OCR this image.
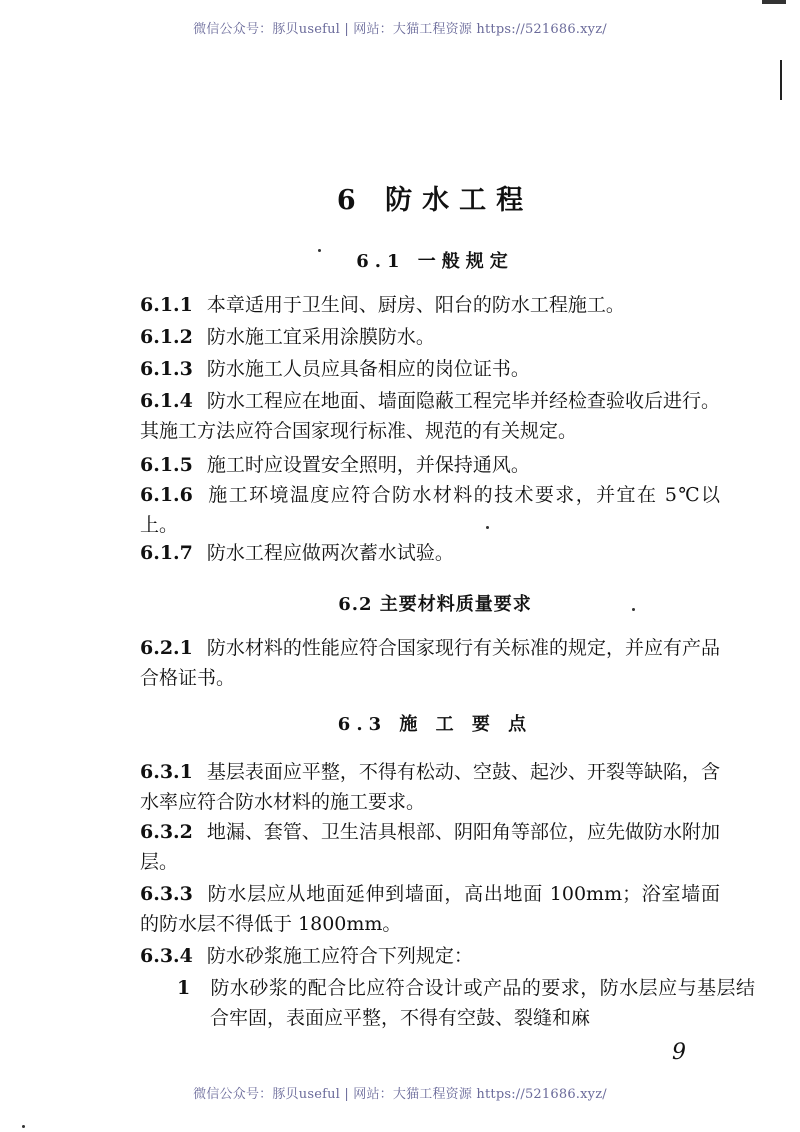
微信公众号：豚贝useful | 网站：大猫工程资源 https://521686.xyz/
6 防水工程
6.1 一般规定
6.1.1 本章适用于卫生间、厨房、阳台的防水工程施工。
6.1.2 防水施工宜采用涂膜防水。
6.1.3 防水施工人员应具备相应的岗位证书。
6.1.4 防水工程应在地面、墙面隐蔽工程完毕并经检查验收后进行。其施工方法应符合国家现行标准、规范的有关规定。
6.1.5 施工时应设置安全照明，并保持通风。
6.1.6 施工环境温度应符合防水材料的技术要求，并宜在 5℃以上。
6.1.7 防水工程应做两次蓄水试验。
6.2 主要材料质量要求
6.2.1 防水材料的性能应符合国家现行有关标准的规定，并应有产品合格证书。
6.3 施 工 要 点
6.3.1 基层表面应平整，不得有松动、空鼓、起沙、开裂等缺陷，含水率应符合防水材料的施工要求。
6.3.2 地漏、套管、卫生洁具根部、阴阳角等部位，应先做防水附加层。
6.3.3 防水层应从地面延伸到墙面，高出地面 100mm；浴室墙面的防水层不得低于 1800mm。
6.3.4 防水砂浆施工应符合下列规定：
1 防水砂浆的配合比应符合设计或产品的要求，防水层应与基层结合牢固，表面应平整，不得有空鼓、裂缝和麻
9
微信公众号：豚贝useful | 网站：大猫工程资源 https://521686.xyz/
